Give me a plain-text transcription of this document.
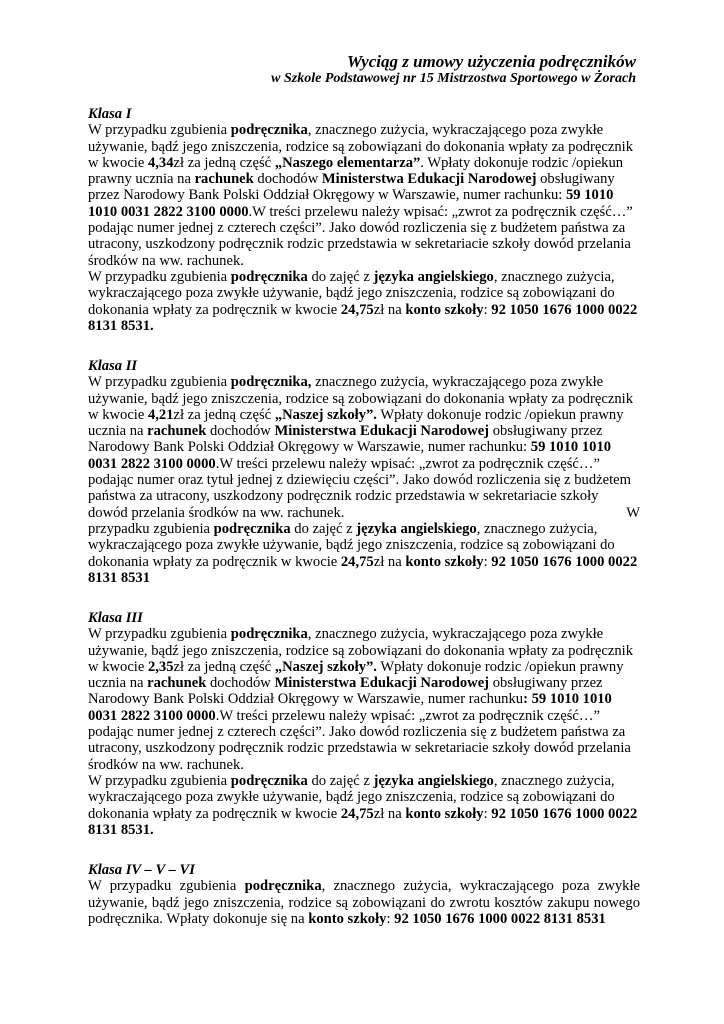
Wyciąg z umowy użyczenia podręczników
w Szkole Podstawowej nr 15 Mistrzostwa Sportowego w Żorach
Klasa I
W przypadku zgubienia podręcznika, znacznego zużycia, wykraczającego poza zwykłe
używanie, bądź jego zniszczenia, rodzice są zobowiązani do dokonania wpłaty za podręcznik
w kwocie 4,34zł za jedną część „Naszego elementarza”. Wpłaty dokonuje rodzic /opiekun
prawny ucznia na rachunek dochodów Ministerstwa Edukacji Narodowej obsługiwany
przez Narodowy Bank Polski Oddział Okręgowy w Warszawie, numer rachunku: 59 1010
1010 0031 2822 3100 0000.W treści przelewu należy wpisać: „zwrot za podręcznik część…”
podając numer jednej z czterech części”. Jako dowód rozliczenia się z budżetem państwa za
utracony, uszkodzony podręcznik rodzic przedstawia w sekretariacie szkoły dowód przelania
środków na ww. rachunek.
W przypadku zgubienia podręcznika do zajęć z języka angielskiego, znacznego zużycia,
wykraczającego poza zwykłe używanie, bądź jego zniszczenia, rodzice są zobowiązani do
dokonania wpłaty za podręcznik w kwocie 24,75zł na konto szkoły: 92 1050 1676 1000 0022
8131 8531.
Klasa II
W przypadku zgubienia podręcznika, znacznego zużycia, wykraczającego poza zwykłe
używanie, bądź jego zniszczenia, rodzice są zobowiązani do dokonania wpłaty za podręcznik
w kwocie 4,21zł za jedną część „Naszej szkoły”. Wpłaty dokonuje rodzic /opiekun prawny
ucznia na rachunek dochodów Ministerstwa Edukacji Narodowej obsługiwany przez
Narodowy Bank Polski Oddział Okręgowy w Warszawie, numer rachunku: 59 1010 1010
0031 2822 3100 0000.W treści przelewu należy wpisać: „zwrot za podręcznik część…”
podając numer oraz tytuł jednej z dziewięciu części”. Jako dowód rozliczenia się z budżetem
państwa za utracony, uszkodzony podręcznik rodzic przedstawia w sekretariacie szkoły
dowód przelania środków na ww. rachunek.	W
przypadku zgubienia podręcznika do zajęć z języka angielskiego, znacznego zużycia,
wykraczającego poza zwykłe używanie, bądź jego zniszczenia, rodzice są zobowiązani do
dokonania wpłaty za podręcznik w kwocie 24,75zł na konto szkoły: 92 1050 1676 1000 0022
8131 8531
Klasa III
W przypadku zgubienia podręcznika, znacznego zużycia, wykraczającego poza zwykłe
używanie, bądź jego zniszczenia, rodzice są zobowiązani do dokonania wpłaty za podręcznik
w kwocie 2,35zł za jedną część „Naszej szkoły”. Wpłaty dokonuje rodzic /opiekun prawny
ucznia na rachunek dochodów Ministerstwa Edukacji Narodowej obsługiwany przez
Narodowy Bank Polski Oddział Okręgowy w Warszawie, numer rachunku: 59 1010 1010
0031 2822 3100 0000.W treści przelewu należy wpisać: „zwrot za podręcznik część…”
podając numer jednej z czterech części”. Jako dowód rozliczenia się z budżetem państwa za
utracony, uszkodzony podręcznik rodzic przedstawia w sekretariacie szkoły dowód przelania
środków na ww. rachunek.
W przypadku zgubienia podręcznika do zajęć z języka angielskiego, znacznego zużycia,
wykraczającego poza zwykłe używanie, bądź jego zniszczenia, rodzice są zobowiązani do
dokonania wpłaty za podręcznik w kwocie 24,75zł na konto szkoły: 92 1050 1676 1000 0022
8131 8531.
Klasa IV – V – VI
W przypadku zgubienia podręcznika, znacznego zużycia, wykraczającego poza zwykłe
używanie, bądź jego zniszczenia, rodzice są zobowiązani do zwrotu kosztów zakupu nowego
podręcznika. Wpłaty dokonuje się na konto szkoły: 92 1050 1676 1000 0022 8131 8531
